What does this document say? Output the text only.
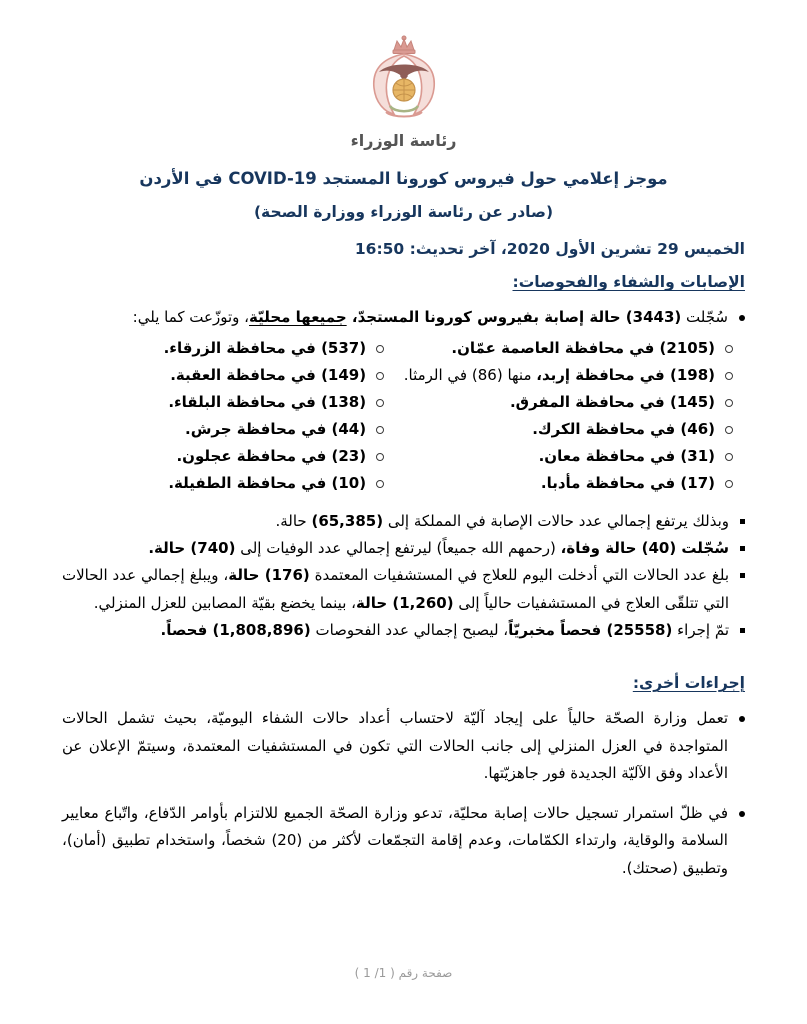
رئاسة الوزراء
موجز إعلامي حول فيروس كورونا المستجد COVID-19 في الأردن
(صادر عن رئاسة الوزراء ووزارة الصحة)
الخميس 29 تشرين الأول 2020، آخر تحديث: 16:50
الإصابات والشفاء والفحوصات:
سُجّلت (3443) حالة إصابة بفيروس كورونا المستجدّ، جميعها محليّة، وتوزّعت كما يلي:
(2105) في محافظة العاصمة عمّان.
(537) في محافظة الزرقاء.
(198) في محافظة إربد، منها (86) في الرمثا.
(149) في محافظة العقبة.
(145) في محافظة المفرق.
(138) في محافظة البلقاء.
(46) في محافظة الكرك.
(44) في محافظة جرش.
(31) في محافظة معان.
(23) في محافظة عجلون.
(17) في محافظة مأدبا.
(10) في محافظة الطفيلة.
وبذلك يرتفع إجمالي عدد حالات الإصابة في المملكة إلى (65,385) حالة.
سُجّلت (40) حالة وفاة، (رحمهم الله جميعاً) ليرتفع إجمالي عدد الوفيات إلى (740) حالة.
بلغ عدد الحالات التي أدخلت اليوم للعلاج في المستشفيات المعتمدة (176) حالة، ويبلغ إجمالي عدد الحالات التي تتلقّى العلاج في المستشفيات حالياً إلى (1,260) حالة، بينما يخضع بقيّة المصابين للعزل المنزلي.
تمّ إجراء (25558) فحصاً مخبريّاً، ليصبح إجمالي عدد الفحوصات (1,808,896) فحصاً.
إجراءات أخرى:
تعمل وزارة الصحّة حالياً على إيجاد آليّة لاحتساب أعداد حالات الشفاء اليوميّة، بحيث تشمل الحالات المتواجدة في العزل المنزلي إلى جانب الحالات التي تكون في المستشفيات المعتمدة، وسيتمّ الإعلان عن الأعداد وفق الآليّة الجديدة فور جاهزيّتها.
في ظلّ استمرار تسجيل حالات إصابة محليّة، تدعو وزارة الصحّة الجميع للالتزام بأوامر الدّفاع، واتّباع معايير السلامة والوقاية، وارتداء الكمّامات، وعدم إقامة التجمّعات لأكثر من (20) شخصاً، واستخدام تطبيق (أمان)، وتطبيق (صحتك).
صفحة رقم ( 1/ 1 )
